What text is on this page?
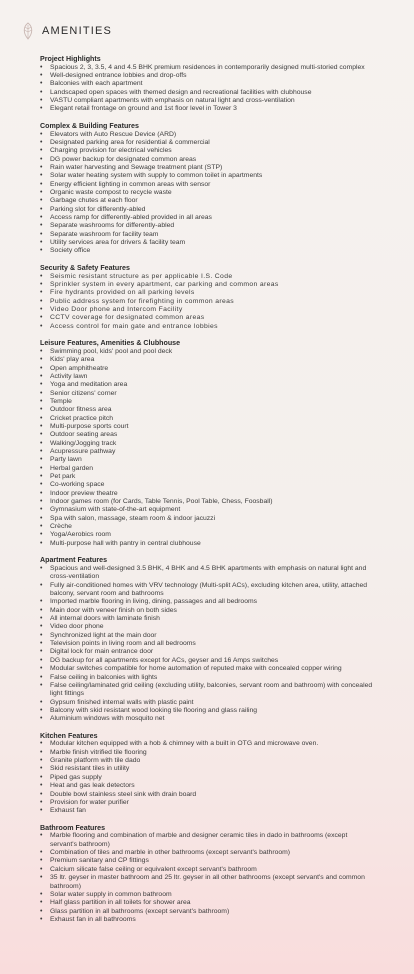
AMENITIES
Project Highlights
• Spacious 2, 3, 3.5, 4 and 4.5 BHK premium residences in contemporarily designed multi-storied complex
• Well-designed entrance lobbies and drop-offs
• Balconies with each apartment
• Landscaped open spaces with themed design and recreational facilities with clubhouse
• VASTU compliant apartments with emphasis on natural light and cross-ventilation
• Elegant retail frontage on ground and 1st floor level in Tower 3
Complex & Building Features
• Elevators with Auto Rescue Device (ARD)
• Designated parking area for residential & commercial
• Charging provision for electrical vehicles
• DG power backup for designated common areas
• Rain water harvesting and Sewage treatment plant (STP)
• Solar water heating system with supply to common toilet in apartments
• Energy efficient lighting in common areas with sensor
• Organic waste compost to recycle waste
• Garbage chutes at each floor
• Parking slot for differently-abled
• Access ramp for differently-abled provided in all areas
• Separate washrooms for differently-abled
• Separate washroom for facility team
• Utility services area for drivers & facility team
• Society office
Security & Safety Features
• Seismic resistant structure as per applicable I.S. Code
• Sprinkler system in every apartment, car parking and common areas
• Fire hydrants provided on all parking levels
• Public address system for firefighting in common areas
• Video Door phone and Intercom Facility
• CCTV coverage for designated common areas
• Access control for main gate and entrance lobbies
Leisure Features, Amenities & Clubhouse
• Swimming pool, kids' pool and pool deck
• Kids' play area
• Open amphitheatre
• Activity lawn
• Yoga and meditation area
• Senior citizens' corner
• Temple
• Outdoor fitness area
• Cricket practice pitch
• Multi-purpose sports court
• Outdoor seating areas
• Walking/Jogging track
• Acupressure pathway
• Party lawn
• Herbal garden
• Pet park
• Co-working space
• Indoor preview theatre
• Indoor games room (for Cards, Table Tennis, Pool Table, Chess, Foosball)
• Gymnasium with state-of-the-art equipment
• Spa with salon, massage, steam room & indoor jacuzzi
• Crèche
• Yoga/Aerobics room
• Multi-purpose hall with pantry in central clubhouse
Apartment Features
• Spacious and well-designed 3.5 BHK, 4 BHK and 4.5 BHK apartments with emphasis on natural light and cross-ventilation
• Fully air-conditioned homes with VRV technology (Multi-split ACs), excluding kitchen area, utility, attached balcony, servant room and bathrooms
• Imported marble flooring in living, dining, passages and all bedrooms
• Main door with veneer finish on both sides
• All internal doors with laminate finish
• Video door phone
• Synchronized light at the main door
• Television points in living room and all bedrooms
• Digital lock for main entrance door
• DG backup for all apartments except for ACs, geyser and 16 Amps switches
• Modular switches compatible for home automation of reputed make with concealed copper wiring
• False ceiling in balconies with lights
• False ceiling/laminated grid ceiling (excluding utility, balconies, servant room and bathroom) with concealed light fittings
• Gypsum finished internal walls with plastic paint
• Balcony with skid resistant wood looking tile flooring and glass railing
• Aluminium windows with mosquito net
Kitchen Features
• Modular kitchen equipped with a hob & chimney with a built in OTG and microwave oven.
• Marble finish vitrified tile flooring
• Granite platform with tile dado
• Skid resistant tiles in utility
• Piped gas supply
• Heat and gas leak detectors
• Double bowl stainless steel sink with drain board
• Provision for water purifier
• Exhaust fan
Bathroom Features
• Marble flooring and combination of marble and designer ceramic tiles in dado in bathrooms (except servant's bathroom)
• Combination of tiles and marble in other bathrooms (except servant's bathroom)
• Premium sanitary and CP fittings
• Calcium silicate false ceiling or equivalent except servant's bathroom
• 35 ltr. geyser in master bathroom and 25 ltr. geyser in all other bathrooms (except servant's and common bathroom)
• Solar water supply in common bathroom
• Half glass partition in all toilets for shower area
• Glass partition in all bathrooms (except servant's bathroom)
• Exhaust fan in all bathrooms
